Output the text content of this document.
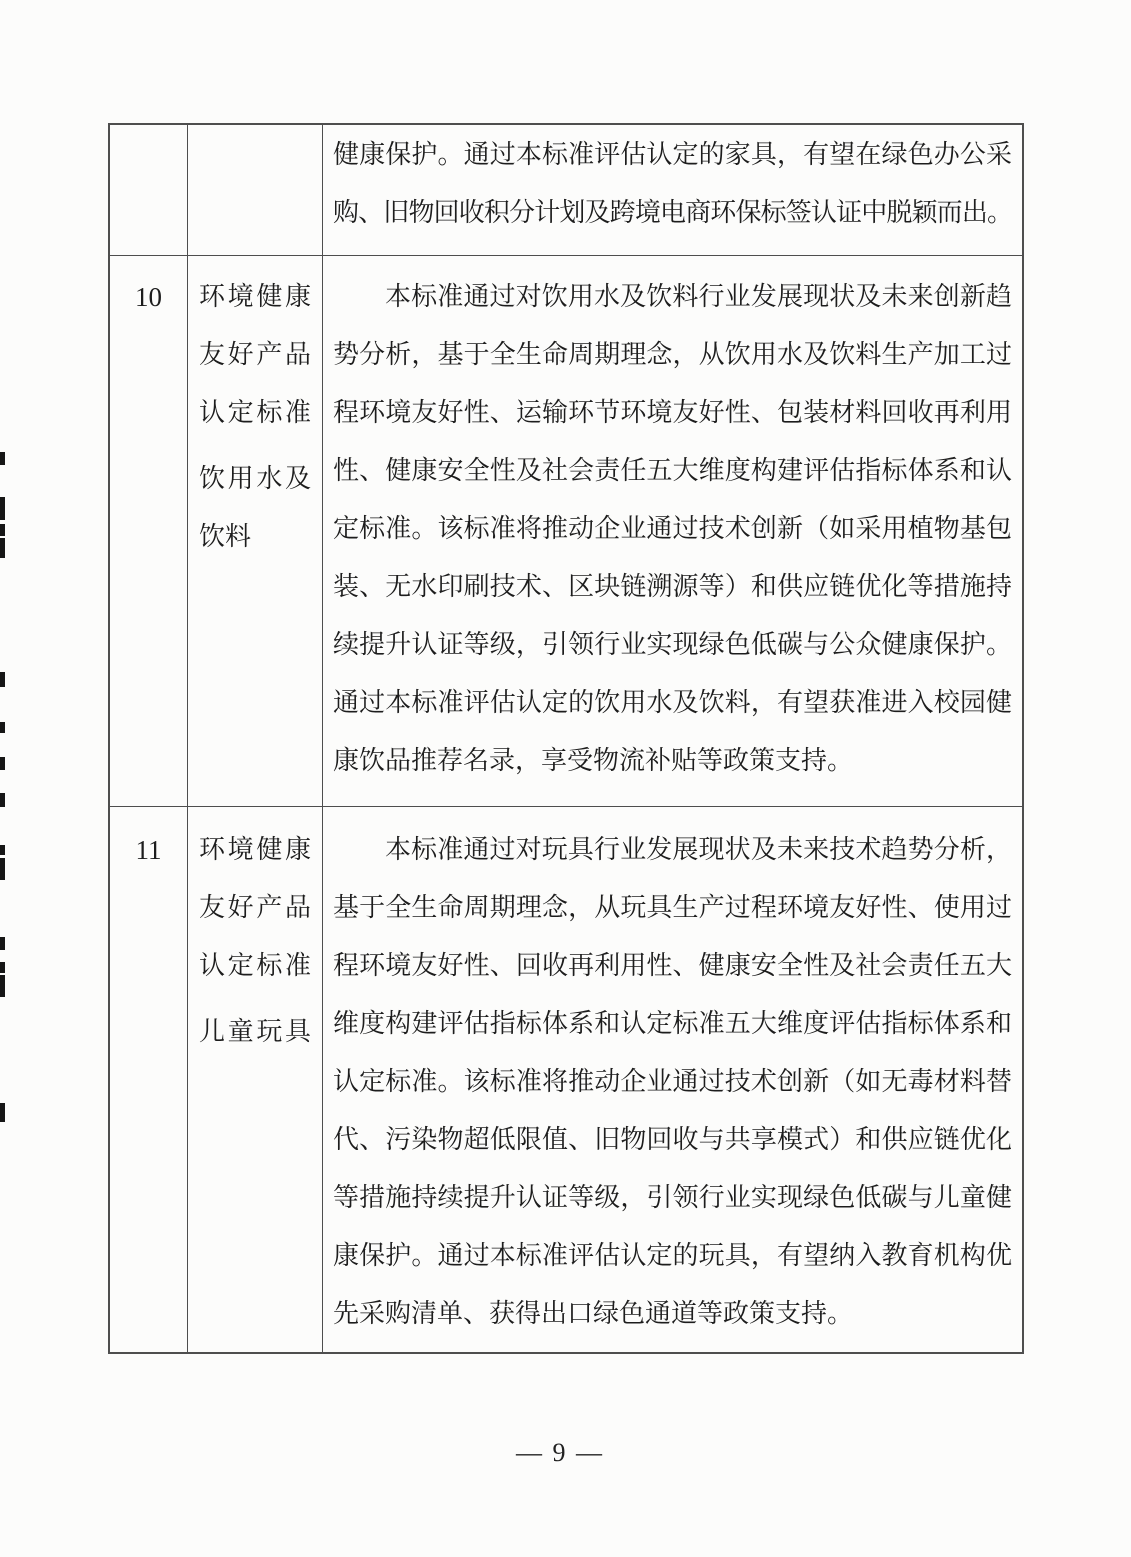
健康保护。通过本标准评估认定的家具，有望在绿色办公采
购、旧物回收积分计划及跨境电商环保标签认证中脱颖而出。
10	环境健康
友好产品
认定标准
饮用水及
饮料
本标准通过对饮用水及饮料行业发展现状及未来创新趋
势分析，基于全生命周期理念，从饮用水及饮料生产加工过
程环境友好性、运输环节环境友好性、包装材料回收再利用
性、健康安全性及社会责任五大维度构建评估指标体系和认
定标准。该标准将推动企业通过技术创新（如采用植物基包
装、无水印刷技术、区块链溯源等）和供应链优化等措施持
续提升认证等级，引领行业实现绿色低碳与公众健康保护。
通过本标准评估认定的饮用水及饮料，有望获准进入校园健
康饮品推荐名录，享受物流补贴等政策支持。
11	环境健康
友好产品
认定标准
儿童玩具
本标准通过对玩具行业发展现状及未来技术趋势分析，
基于全生命周期理念，从玩具生产过程环境友好性、使用过
程环境友好性、回收再利用性、健康安全性及社会责任五大
维度构建评估指标体系和认定标准五大维度评估指标体系和
认定标准。该标准将推动企业通过技术创新（如无毒材料替
代、污染物超低限值、旧物回收与共享模式）和供应链优化
等措施持续提升认证等级，引领行业实现绿色低碳与儿童健
康保护。通过本标准评估认定的玩具，有望纳入教育机构优
先采购清单、获得出口绿色通道等政策支持。
— 9 —
